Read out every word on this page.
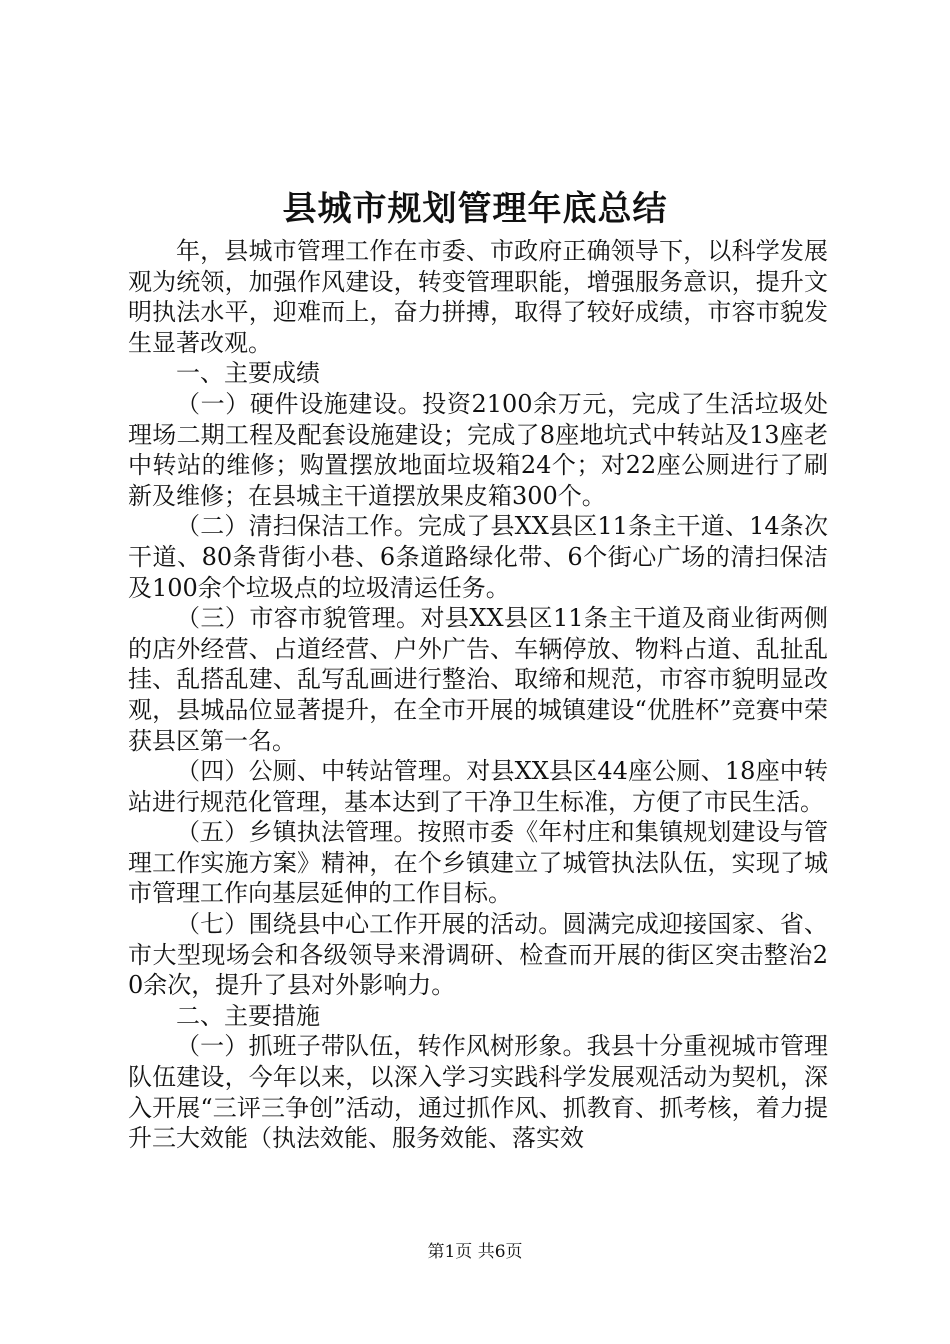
县城市规划管理年底总结

年，县城市管理工作在市委、市政府正确领导下，以科学发展观为统领，加强作风建设，转变管理职能，增强服务意识，提升文明执法水平，迎难而上，奋力拼搏，取得了较好成绩，市容市貌发生显著改观。

一、主要成绩

（一）硬件设施建设。投资2100余万元，完成了生活垃圾处理场二期工程及配套设施建设；完成了8座地坑式中转站及13座老中转站的维修；购置摆放地面垃圾箱24个；对22座公厕进行了刷新及维修；在县城主干道摆放果皮箱300个。

（二）清扫保洁工作。完成了县XX县区11条主干道、14条次干道、80条背街小巷、6条道路绿化带、6个街心广场的清扫保洁及100余个垃圾点的垃圾清运任务。

（三）市容市貌管理。对县XX县区11条主干道及商业街两侧的店外经营、占道经营、户外广告、车辆停放、物料占道、乱扯乱挂、乱搭乱建、乱写乱画进行整治、取缔和规范，市容市貌明显改观，县城品位显著提升，在全市开展的城镇建设“优胜杯”竞赛中荣获县区第一名。

（四）公厕、中转站管理。对县XX县区44座公厕、18座中转站进行规范化管理，基本达到了干净卫生标准，方便了市民生活。

（五）乡镇执法管理。按照市委《年村庄和集镇规划建设与管理工作实施方案》精神，在个乡镇建立了城管执法队伍，实现了城市管理工作向基层延伸的工作目标。

（七）围绕县中心工作开展的活动。圆满完成迎接国家、省、市大型现场会和各级领导来滑调研、检查而开展的街区突击整治20余次，提升了县对外影响力。

二、主要措施

（一）抓班子带队伍，转作风树形象。我县十分重视城市管理队伍建设，今年以来，以深入学习实践科学发展观活动为契机，深入开展“三评三争创”活动，通过抓作风、抓教育、抓考核，着力提升三大效能（执法效能、服务效能、落实效

第1页 共6页
